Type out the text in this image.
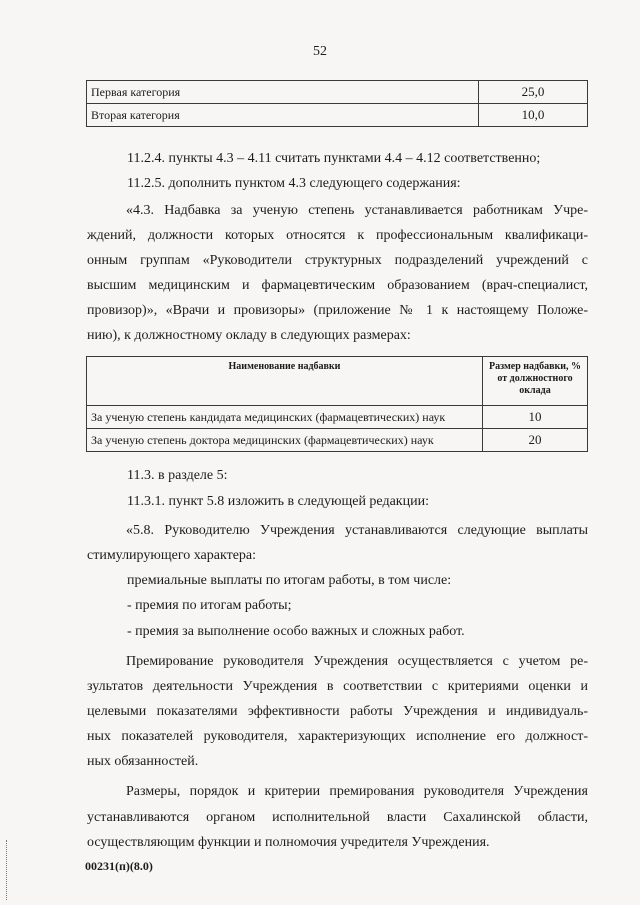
52
Первая категория	25,0
Вторая категория	10,0
11.2.4. пункты 4.3 – 4.11 считать пунктами 4.4 – 4.12 соответственно;
11.2.5. дополнить пунктом 4.3 следующего содержания:
«4.3. Надбавка за ученую степень устанавливается работникам Учре-
ждений, должности которых относятся к профессиональным квалификаци-
онным группам «Руководители структурных подразделений учреждений с
высшим медицинским и фармацевтическим образованием (врач-специалист,
провизор)», «Врачи и провизоры» (приложение № 1 к настоящему Положе-
нию), к должностному окладу в следующих размерах:
Наименование надбавки	Размер надбавки, % от должностного оклада
За ученую степень кандидата медицинских (фармацевтических) наук	10
За ученую степень доктора медицинских (фармацевтических) наук	20
11.3. в разделе 5:
11.3.1. пункт 5.8 изложить в следующей редакции:
«5.8. Руководителю Учреждения устанавливаются следующие выплаты
стимулирующего характера:
премиальные выплаты по итогам работы, в том числе:
- премия по итогам работы;
- премия за выполнение особо важных и сложных работ.
Премирование руководителя Учреждения осуществляется с учетом ре-
зультатов деятельности Учреждения в соответствии с критериями оценки и
целевыми показателями эффективности работы Учреждения и индивидуаль-
ных показателей руководителя, характеризующих исполнение его должност-
ных обязанностей.
Размеры, порядок и критерии премирования руководителя Учреждения
устанавливаются органом исполнительной власти Сахалинской области,
осуществляющим функции и полномочия учредителя Учреждения.
00231(п)(8.0)
